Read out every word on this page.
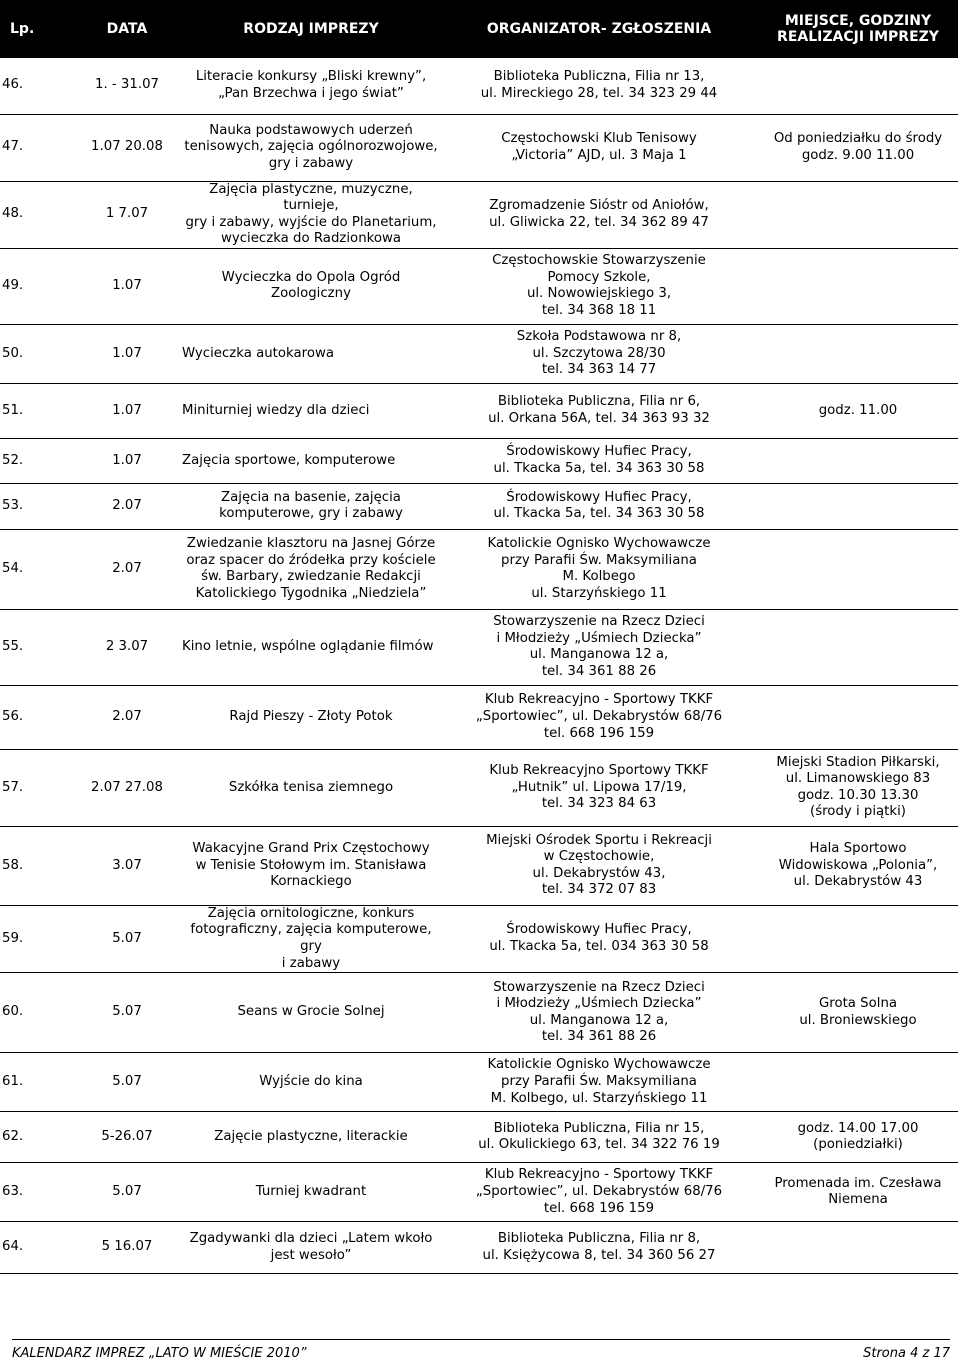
Lp.	DATA	RODZAJ IMPREZY	ORGANIZATOR- ZGŁOSZENIA	MIEJSCE, GODZINY REALIZACJI IMPREZY
46.	1. - 31.07	Literacie konkursy „Bliski krewny”,
„Pan Brzechwa i jego świat”	Biblioteka Publiczna, Filia nr 13,
ul. Mireckiego 28, tel. 34 323 29 44	
47.	1.07 20.08	Nauka podstawowych uderzeń
tenisowych, zajęcia ogólnorozwojowe,
gry i zabawy	Częstochowski Klub Tenisowy
„Victoria” AJD, ul. 3 Maja 1	Od poniedziałku do środy
godz. 9.00 11.00
48.	1 7.07	Zajęcia plastyczne, muzyczne, turnieje,
gry i zabawy, wyjście do Planetarium,
wycieczka do Radzionkowa	Zgromadzenie Sióstr od Aniołów,
ul. Gliwicka 22, tel. 34 362 89 47	
49.	1.07	Wycieczka do Opola Ogród
Zoologiczny	Częstochowskie Stowarzyszenie
Pomocy Szkole,
ul. Nowowiejskiego 3,
tel. 34 368 18 11	
50.	1.07	Wycieczka autokarowa	Szkoła Podstawowa nr 8,
ul. Szczytowa 28/30
tel. 34 363 14 77	
51.	1.07	Miniturniej wiedzy dla dzieci	Biblioteka Publiczna, Filia nr 6,
ul. Orkana 56A, tel. 34 363 93 32	godz. 11.00
52.	1.07	Zajęcia sportowe, komputerowe	Środowiskowy Hufiec Pracy,
ul. Tkacka 5a, tel. 34 363 30 58	
53.	2.07	Zajęcia na basenie, zajęcia
komputerowe, gry i zabawy	Środowiskowy Hufiec Pracy,
ul. Tkacka 5a, tel. 34 363 30 58	
54.	2.07	Zwiedzanie klasztoru na Jasnej Górze
oraz spacer do źródełka przy kościele
św. Barbary, zwiedzanie Redakcji
Katolickiego Tygodnika „Niedziela”	Katolickie Ognisko Wychowawcze
przy Parafii Św. Maksymiliana
M. Kolbego
ul. Starzyńskiego 11	
55.	2 3.07	Kino letnie, wspólne oglądanie filmów	Stowarzyszenie na Rzecz Dzieci
i Młodzieży „Uśmiech Dziecka”
ul. Manganowa 12 a,
tel. 34 361 88 26	
56.	2.07	Rajd Pieszy - Złoty Potok	Klub Rekreacyjno - Sportowy TKKF
„Sportowiec”, ul. Dekabrystów 68/76
tel. 668 196 159	
57.	2.07 27.08	Szkółka tenisa ziemnego	Klub Rekreacyjno Sportowy TKKF
„Hutnik” ul. Lipowa 17/19,
tel. 34 323 84 63	Miejski Stadion Piłkarski,
ul. Limanowskiego 83
godz. 10.30 13.30
(środy i piątki)
58.	3.07	Wakacyjne Grand Prix Częstochowy
w Tenisie Stołowym im. Stanisława
Kornackiego	Miejski Ośrodek Sportu i Rekreacji
w Częstochowie,
ul. Dekabrystów 43,
tel. 34 372 07 83	Hala Sportowo
Widowiskowa „Polonia”,
ul. Dekabrystów 43
59.	5.07	Zajęcia ornitologiczne, konkurs
fotograficzny, zajęcia komputerowe, gry
i zabawy	Środowiskowy Hufiec Pracy,
ul. Tkacka 5a, tel. 034 363 30 58	
60.	5.07	Seans w Grocie Solnej	Stowarzyszenie na Rzecz Dzieci
i Młodzieży „Uśmiech Dziecka”
ul. Manganowa 12 a,
tel. 34 361 88 26	Grota Solna
ul. Broniewskiego
61.	5.07	Wyjście do kina	Katolickie Ognisko Wychowawcze
przy Parafii Św. Maksymiliana
M. Kolbego, ul. Starzyńskiego 11	
62.	5-26.07	Zajęcie plastyczne, literackie	Biblioteka Publiczna, Filia nr 15,
ul. Okulickiego 63, tel. 34 322 76 19	godz. 14.00 17.00
(poniedziałki)
63.	5.07	Turniej kwadrant	Klub Rekreacyjno - Sportowy TKKF
„Sportowiec”, ul. Dekabrystów 68/76
tel. 668 196 159	Promenada im. Czesława
Niemena
64.	5 16.07	Zgadywanki dla dzieci „Latem wkoło
jest wesoło”	Biblioteka Publiczna, Filia nr 8,
ul. Księżycowa 8, tel. 34 360 56 27	
KALENDARZ IMPREZ „LATO W MIEŚCIE 2010”	Strona 4 z 17
